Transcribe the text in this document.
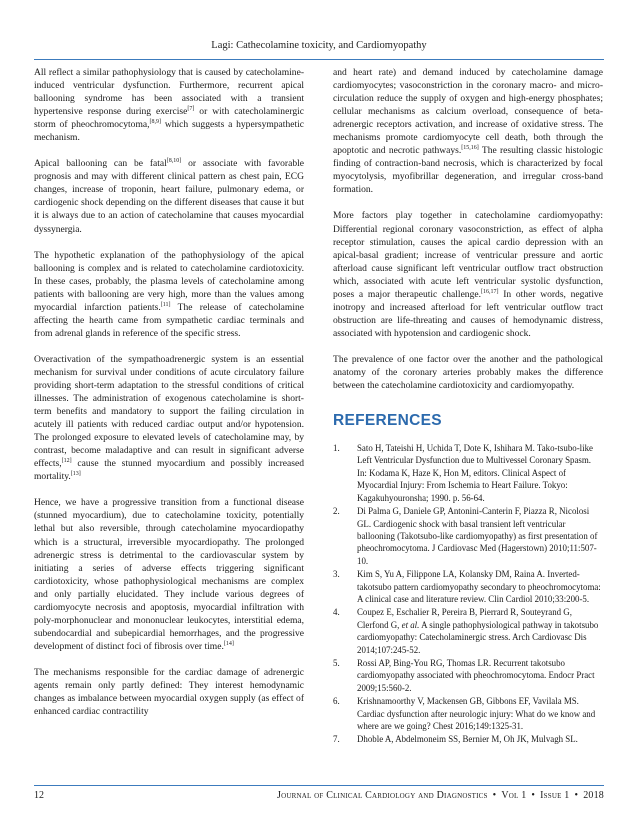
Lagi: Cathecolamine toxicity, and Cardiomyopathy

All reflect a similar pathophysiology that is caused by catecholamine-induced ventricular dysfunction. Furthermore, recurrent apical ballooning syndrome has been associated with a transient hypertensive response during exercise[7] or with catecholaminergic storm of pheochromocytoma,[8,9] which suggests a hypersympathetic mechanism.

Apical ballooning can be fatal[8,10] or associate with favorable prognosis and may with different clinical pattern as chest pain, ECG changes, increase of troponin, heart failure, pulmonary edema, or cardiogenic shock depending on the different diseases that cause it but it is always due to an action of catecholamine that causes myocardial dyssynergia.

The hypothetic explanation of the pathophysiology of the apical ballooning is complex and is related to catecholamine cardiotoxicity. In these cases, probably, the plasma levels of catecholamine among patients with ballooning are very high, more than the values among myocardial infarction patients.[11] The release of catecholamine affecting the hearth came from sympathetic cardiac terminals and from adrenal glands in reference of the specific stress.

Overactivation of the sympathoadrenergic system is an essential mechanism for survival under conditions of acute circulatory failure providing short-term adaptation to the stressful conditions of critical illnesses. The administration of exogenous catecholamine is short-term benefits and mandatory to support the failing circulation in acutely ill patients with reduced cardiac output and/or hypotension. The prolonged exposure to elevated levels of catecholamine may, by contrast, become maladaptive and can result in significant adverse effects,[12] cause the stunned myocardium and possibly increased mortality.[13]

Hence, we have a progressive transition from a functional disease (stunned myocardium), due to catecholamine toxicity, potentially lethal but also reversible, through catecholamine myocardiopathy which is a structural, irreversible myocardiopathy. The prolonged adrenergic stress is detrimental to the cardiovascular system by initiating a series of adverse effects triggering significant cardiotoxicity, whose pathophysiological mechanisms are complex and only partially elucidated. They include various degrees of cardiomyocyte necrosis and apoptosis, myocardial infiltration with poly-morphonuclear and mononuclear leukocytes, interstitial edema, subendocardial and subepicardial hemorrhages, and the progressive development of distinct foci of fibrosis over time.[14]

The mechanisms responsible for the cardiac damage of adrenergic agents remain only partly defined: They interest hemodynamic changes as imbalance between myocardial oxygen supply (as effect of enhanced cardiac contractility

and heart rate) and demand induced by catecholamine damage cardiomyocytes; vasoconstriction in the coronary macro- and micro-circulation reduce the supply of oxygen and high-energy phosphates; cellular mechanisms as calcium overload, consequence of beta-adrenergic receptors activation, and increase of oxidative stress. The mechanisms promote cardiomyocyte cell death, both through the apoptotic and necrotic pathways.[15,16] The resulting classic histologic finding of contraction-band necrosis, which is characterized by focal myocytolysis, myofibrillar degeneration, and irregular cross-band formation.

More factors play together in catecholamine cardiomyopathy: Differential regional coronary vasoconstriction, as effect of alpha receptor stimulation, causes the apical cardio depression with an apical-basal gradient; increase of ventricular pressure and aortic afterload cause significant left ventricular outflow tract obstruction which, associated with acute left ventricular systolic dysfunction, poses a major therapeutic challenge.[16,17] In other words, negative inotropy and increased afterload for left ventricular outflow tract obstruction are life-threating and causes of hemodynamic distress, associated with hypotension and cardiogenic shock.

The prevalence of one factor over the another and the pathological anatomy of the coronary arteries probably makes the difference between the catecholamine cardiotoxicity and cardiomyopathy.

REFERENCES
1. Sato H, Tateishi H, Uchida T, Dote K, Ishihara M. Tako-tsubo-like Left Ventricular Dysfunction due to Multivessel Coronary Spasm. In: Kodama K, Haze K, Hon M, editors. Clinical Aspect of Myocardial Injury: From Ischemia to Heart Failure. Tokyo: Kagakuhyouronsha; 1990. p. 56-64.
2. Di Palma G, Daniele GP, Antonini-Canterin F, Piazza R, Nicolosi GL. Cardiogenic shock with basal transient left ventricular ballooning (Takotsubo-like cardiomyopathy) as first presentation of pheochromocytoma. J Cardiovasc Med (Hagerstown) 2010;11:507-10.
3. Kim S, Yu A, Filippone LA, Kolansky DM, Raina A. Inverted-takotsubo pattern cardiomyopathy secondary to pheochromocytoma: A clinical case and literature review. Clin Cardiol 2010;33:200-5.
4. Coupez E, Eschalier R, Pereira B, Pierrard R, Souteyrand G, Clerfond G, et al. A single pathophysiological pathway in takotsubo cardiomyopathy: Catecholaminergic stress. Arch Cardiovasc Dis 2014;107:245-52.
5. Rossi AP, Bing-You RG, Thomas LR. Recurrent takotsubo cardiomyopathy associated with pheochromocytoma. Endocr Pract 2009;15:560-2.
6. Krishnamoorthy V, Mackensen GB, Gibbons EF, Vavilala MS. Cardiac dysfunction after neurologic injury: What do we know and where are we going? Chest 2016;149:1325-31.
7. Dhoble A, Abdelmoneim SS, Bernier M, Oh JK, Mulvagh SL.
12	Journal of Clinical Cardiology and Diagnostics • Vol 1 • Issue 1 • 2018
